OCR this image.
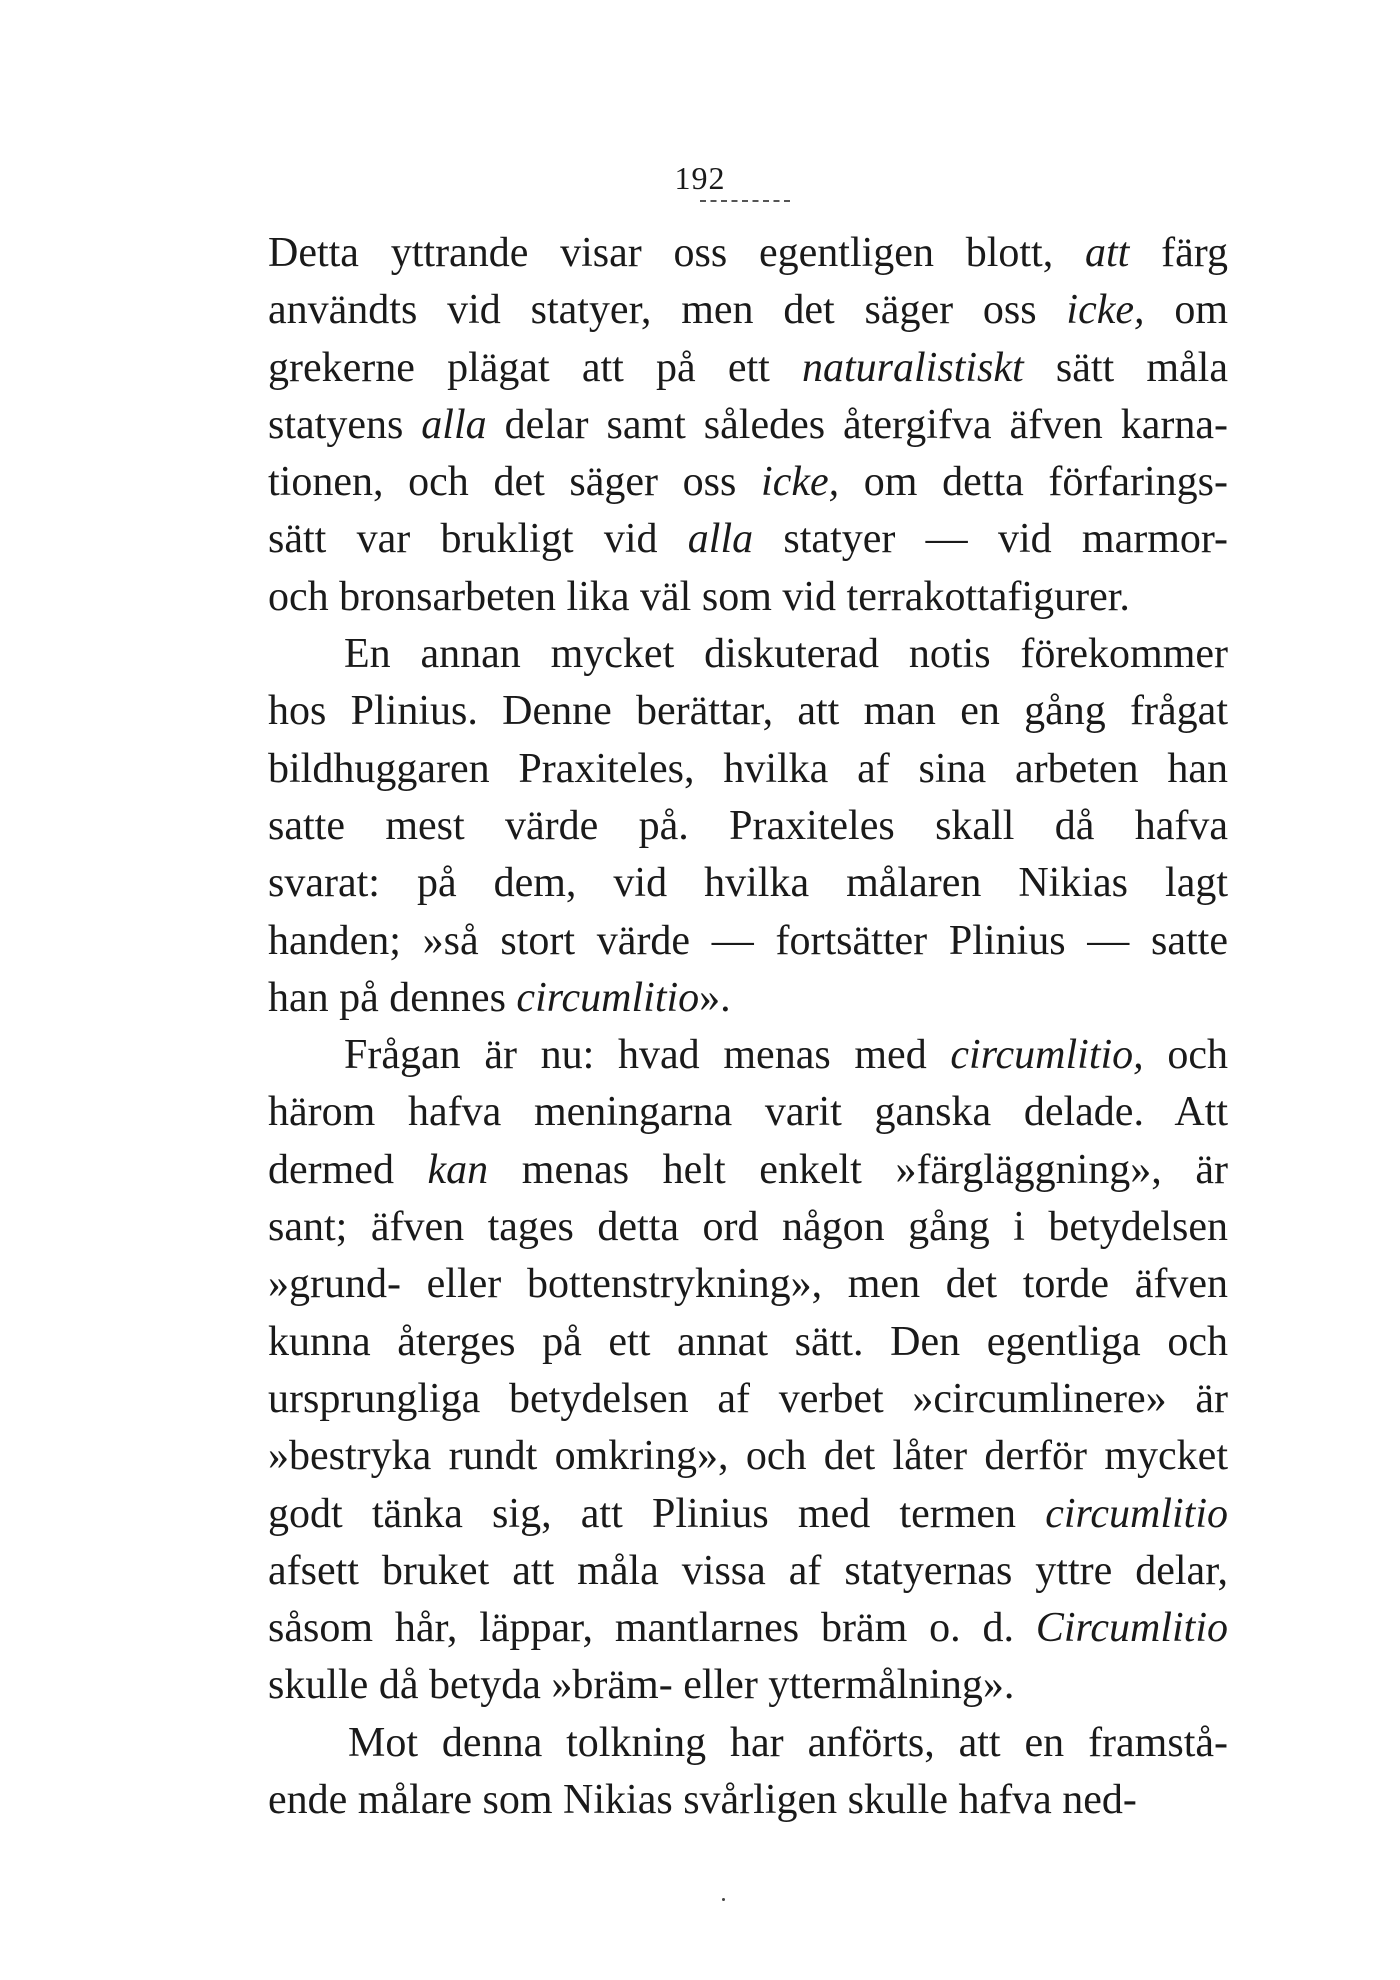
192
Detta yttrande visar oss egentligen blott, att färg
användts vid statyer, men det säger oss icke, om
grekerne plägat att på ett naturalistiskt sätt måla
statyens alla delar samt således återgifva äfven karna-
tionen, och det säger oss icke, om detta förfarings-
sätt var brukligt vid alla statyer — vid marmor-
och bronsarbeten lika väl som vid terrakottafigurer.
En annan mycket diskuterad notis förekommer
hos Plinius. Denne berättar, att man en gång frågat
bildhuggaren Praxiteles, hvilka af sina arbeten han
satte mest värde på. Praxiteles skall då hafva
svarat: på dem, vid hvilka målaren Nikias lagt
handen; »så stort värde — fortsätter Plinius — satte
han på dennes circumlitio».
Frågan är nu: hvad menas med circumlitio, och
härom hafva meningarna varit ganska delade. Att
dermed kan menas helt enkelt »färgläggning», är
sant; äfven tages detta ord någon gång i betydelsen
»grund- eller bottenstrykning», men det torde äfven
kunna återges på ett annat sätt. Den egentliga och
ursprungliga betydelsen af verbet »circumlinere» är
»bestryka rundt omkring», och det låter derför mycket
godt tänka sig, att Plinius med termen circumlitio
afsett bruket att måla vissa af statyernas yttre delar,
såsom hår, läppar, mantlarnes bräm o. d. Circumlitio
skulle då betyda »bräm- eller yttermålning».
Mot denna tolkning har anförts, att en framstå-
ende målare som Nikias svårligen skulle hafva ned-
